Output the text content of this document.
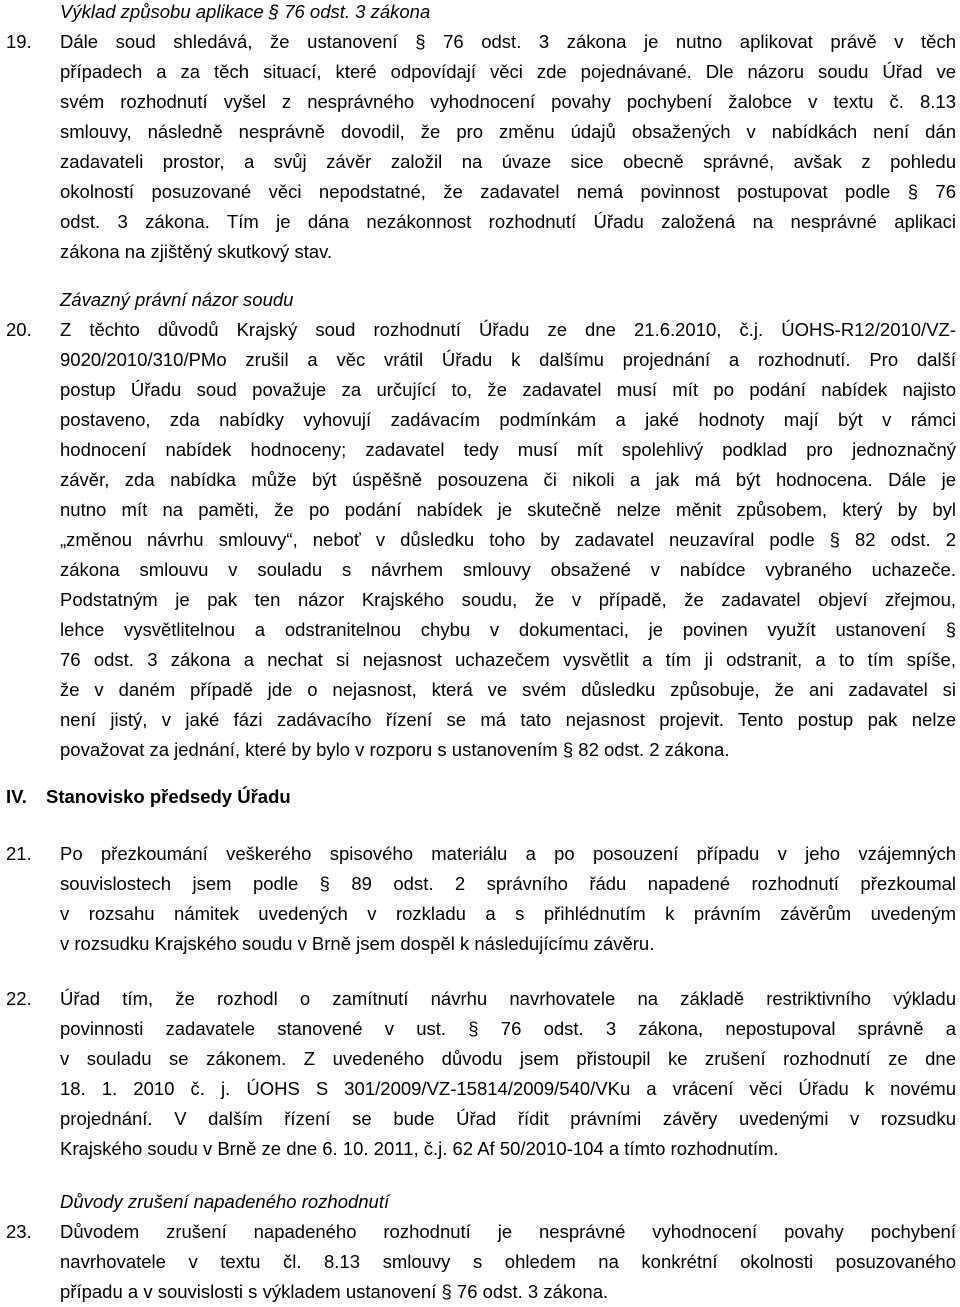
Výklad způsobu aplikace § 76 odst. 3 zákona
19. Dále soud shledává, že ustanovení § 76 odst. 3 zákona je nutno aplikovat právě v těch
případech a za těch situací, které odpovídají věci zde pojednávané. Dle názoru soudu Úřad ve
svém rozhodnutí vyšel z nesprávného vyhodnocení povahy pochybení žalobce v textu č. 8.13
smlouvy, následně nesprávně dovodil, že pro změnu údajů obsažených v nabídkách není dán
zadavateli prostor, a svůj závěr založil na úvaze sice obecně správné, avšak z pohledu
okolností posuzované věci nepodstatné, že zadavatel nemá povinnost postupovat podle § 76
odst. 3 zákona. Tím je dána nezákonnost rozhodnutí Úřadu založená na nesprávné aplikaci
zákona na zjištěný skutkový stav.
Závazný právní názor soudu
20. Z těchto důvodů Krajský soud rozhodnutí Úřadu ze dne 21.6.2010, č.j. ÚOHS-R12/2010/VZ-
9020/2010/310/PMo zrušil a věc vrátil Úřadu k dalšímu projednání a rozhodnutí. Pro další
postup Úřadu soud považuje za určující to, že zadavatel musí mít po podání nabídek najisto
postaveno, zda nabídky vyhovují zadávacím podmínkám a jaké hodnoty mají být v rámci
hodnocení nabídek hodnoceny; zadavatel tedy musí mít spolehlivý podklad pro jednoznačný
závěr, zda nabídka může být úspěšně posouzena či nikoli a jak má být hodnocena. Dále je
nutno mít na paměti, že po podání nabídek je skutečně nelze měnit způsobem, který by byl
„změnou návrhu smlouvy“, neboť v důsledku toho by zadavatel neuzavíral podle § 82 odst. 2
zákona smlouvu v souladu s návrhem smlouvy obsažené v nabídce vybraného uchazeče.
Podstatným je pak ten názor Krajského soudu, že v případě, že zadavatel objeví zřejmou,
lehce vysvětlitelnou a odstranitelnou chybu v dokumentaci, je povinen využít ustanovení §
76 odst. 3 zákona a nechat si nejasnost uchazečem vysvětlit a tím ji odstranit, a to tím spíše,
že v daném případě jde o nejasnost, která ve svém důsledku způsobuje, že ani zadavatel si
není jistý, v jaké fázi zadávacího řízení se má tato nejasnost projevit. Tento postup pak nelze
považovat za jednání, které by bylo v rozporu s ustanovením § 82 odst. 2 zákona.
IV. Stanovisko předsedy Úřadu
21. Po přezkoumání veškerého spisového materiálu a po posouzení případu v jeho vzájemných
souvislostech jsem podle § 89 odst. 2 správního řádu napadené rozhodnutí přezkoumal
v rozsahu námitek uvedených v rozkladu a s přihlédnutím k právním závěrům uvedeným
v rozsudku Krajského soudu v Brně jsem dospěl k následujícímu závěru.
22. Úřad tím, že rozhodl o zamítnutí návrhu navrhovatele na základě restriktivního výkladu
povinnosti zadavatele stanovené v ust. § 76 odst. 3 zákona, nepostupoval správně a
v souladu se zákonem. Z uvedeného důvodu jsem přistoupil ke zrušení rozhodnutí ze dne
18. 1. 2010 č. j. ÚOHS S 301/2009/VZ-15814/2009/540/VKu a vrácení věci Úřadu k novému
projednání. V dalším řízení se bude Úřad řídit právními závěry uvedenými v rozsudku
Krajského soudu v Brně ze dne 6. 10. 2011, č.j. 62 Af 50/2010-104 a tímto rozhodnutím.
Důvody zrušení napadeného rozhodnutí
23. Důvodem zrušení napadeného rozhodnutí je nesprávné vyhodnocení povahy pochybení
navrhovatele v textu čl. 8.13 smlouvy s ohledem na konkrétní okolnosti posuzovaného
případu a v souvislosti s výkladem ustanovení § 76 odst. 3 zákona.
